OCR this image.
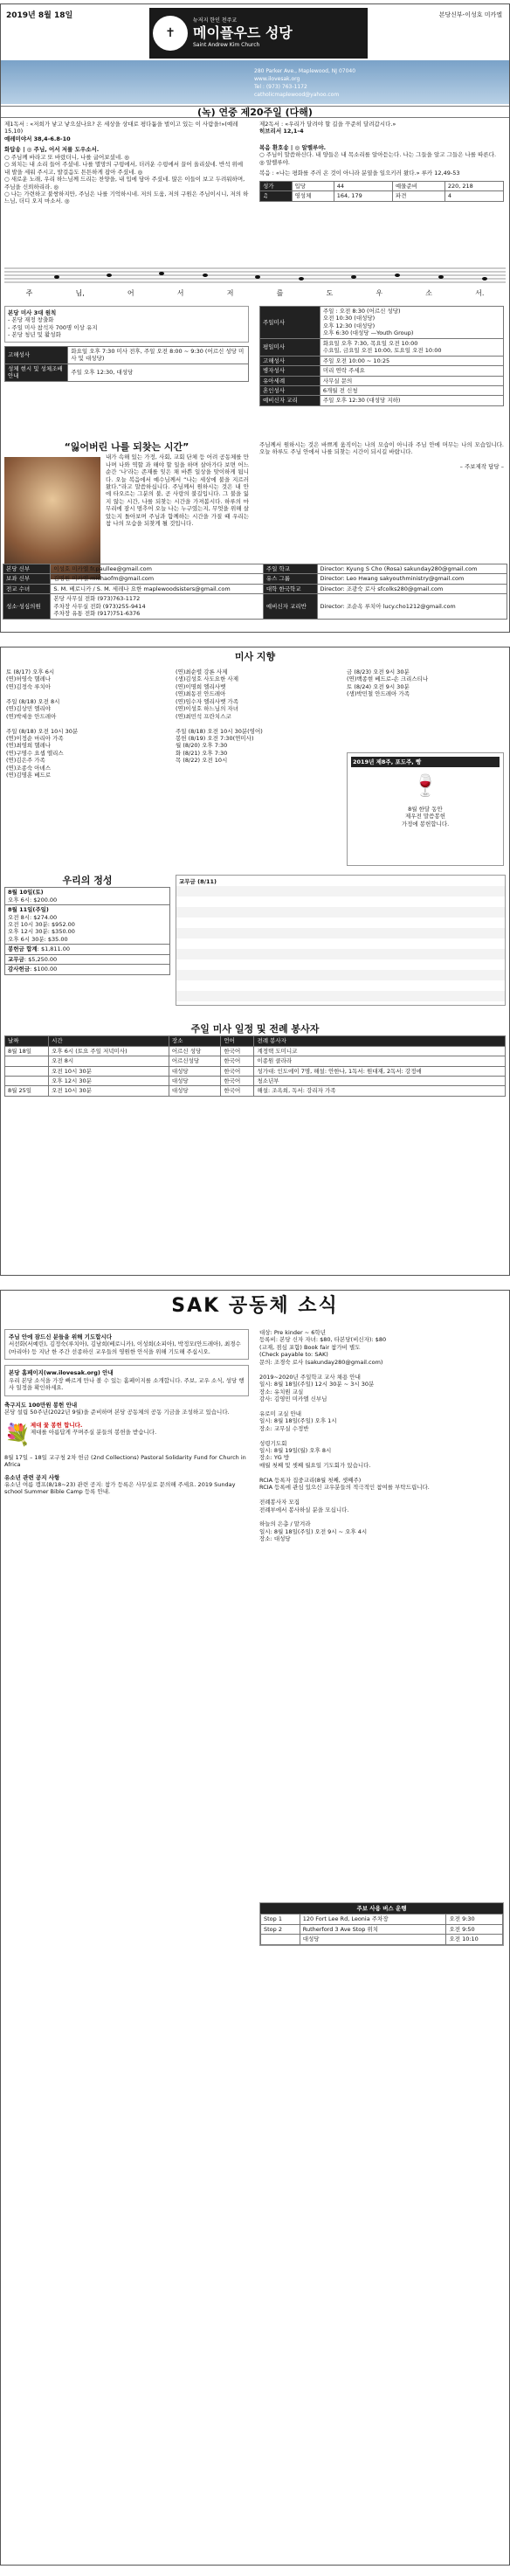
2019년 8월 18일
✝
뉴저지 한인 천주교
메이플우드 성당
Saint Andrew Kim Church
본당신부-이성호 미카엘
280 Parker Ave., Maplewood, NJ 07040
www.ilovesak.org
Tel : (973) 763-1172
catholicmaplewood@yahoo.com
(녹) 연중 제20주일 (다해)
제1독서 : «저희가 낳고 낳으셨나요? 온 세상을 상대로 평다툼을 벌이고 있는 이 사람을!»(예레 15,10)
예레미야서 38,4-6.8-10
화답송 | ◎ 주님, 어서 저를 도우소서.
○ 주님께 바라고 또 바랐더니, 나를 굽어보셨네. ◎
○ 외치는 내 소리 들어 주셨네. 나를 멸망의 구렁에서, 더러운 수렁에서 끌어 올리셨네. 반석 위에 내 발을 세워 주시고, 발걸음도 튼튼하게 잡아 주셨네. ◎
○ 새로운 노래, 우리 하느님께 드리는 찬양을, 내 입에 담아 주셨네. 많은 이들이 보고 두려워하며, 주님을 신뢰하리라. ◎
○ 나는 가련하고 불쌍하지만, 주님은 나를 기억하시네. 저의 도움, 저의 구원은 주님이시니, 저의 하느님, 더디 오지 마소서. ◎
제2독서 : «우리가 달려야 할 길을 꾸준히 달려갑시다.»
히브리서 12,1-4
복음 환호송 | ◎ 알렐루야.
○ 주님이 말씀하신다. 내 양들은 내 목소리를 알아듣는다. 나는 그들을 알고 그들은 나를 따른다.
◎ 알렐루야.
복음 : «나는 평화를 주러 온 것이 아니라 분열을 일으키러 왔다.» 루카 12,49-53
성가	입당	44	예물준비	220, 218
♫	영성체	164, 179	파견	4
주	님,	어	서	저	를	도	우	소	서.
본당 미사 3대 원칙
- 본당 재정 창출화
- 주일 미사 참석자 700명 이상 유지
- 본당 청년 및 활성화
고해성사	화요일 오후 7:30 미사 전후, 주일 오전 8:00 ~ 9:30 (어르신 성당 미사 및 대성당)
성체 현시 및 성체조배 안내	주일 오후 12:30, 대성당
주일미사	주일 : 오전 8:30 (어르신 성당)
오전 10:30 (대성당)
오후 12:30 (대성당)
오후 6:30 (대성당 —Youth Group)
평일미사	화요일 오후 7:30, 목요일 오전 10:00
수요일, 금요일 오전 10:00, 토요일 오전 10:00
고해성사	주일 오전 10:00 ~ 10:25
병자성사	미리 연락 주세요
유아세례	사무실 문의
혼인성사	6개월 전 신청
예비신자 교리	주일 오후 12:30 (대성당 지하)
“잃어버린 나를 되찾는 시간”
내가 속해 있는 가정, 사회, 교회 단체 등 어려 공동체를 만나며 나와 역할 과 해야 할 일을 하며 살아가다 보면 어느 순간 ‘나’라는 존재를 잊은 채 바쁜 일상을 맞이하게 됩니다. 오늘 복음에서 예수님께서 “나는 세상에 불을 지르러 왔다.”라고 말씀하십니다. 주님께서 원하시는 것은 내 안에 타오르는 그분의 불, 곧 사랑의 불길입니다. 그 불을 잃지 않는 시간, 나를 되찾는 시간을 가져봅시다. 하루의 마무리에 잠시 멈추어 오늘 나는 누구였는지, 무엇을 위해 살았는지 돌아보며 주님과 함께하는 시간을 가질 때 우리는 참 나의 모습을 되찾게 될 것입니다.
주님께서 원하시는 것은 바쁘게 움직이는 나의 모습이 아니라 주님 안에 머무는 나의 모습입니다. 오늘 하루도 주님 안에서 나를 되찾는 시간이 되시길 바랍니다.
– 주보제작 담당 –
본당 신부	이성호 미카엘 fr.paullee@gmail.com	주일 학교	Director: Kyung S Cho (Rosa) sakunday280@gmail.com
보좌 신부	김명원 미카엘 michaofm@gmail.com	유스 그룹	Director: Leo Hwang sakyouthministry@gmail.com
전교 수녀	S. M. 베로니카 / S. M. 세레나 요한 maplewoodsisters@gmail.com	대학 한국학교	Director: 조광숙 로사 sfcolks280@gmail.com
성소·성심의원	본당 사무실 전화 (973)763-1172
주차장 사무실 전화 (973)255-9414
주차장 유통 전화 (917)751-6376	예비신자 교리반	Director: 조순옥 루치아 lucy.cho1212@gmail.com
미사 지향
토 (8/17) 오후 6시
(연)허영숙 헬레나
(연)김정숙 루치아

주일 (8/18) 오전 8시
(연)김상민 엘리야
(연)박세웅 안드레아

주일 (8/18) 오전 10시 30분
(연)이정순 마리아 가족
(연)최영희 헬레나
(연)구명수 요셉 엘리스
(연)김은주 가족
(연)조종숙 아녜스
(연)김명훈 베드로
(연)최순렬 강론 사제
(생)김성호 사도요한 사제
(연)이명희 엘리사벳
(연)최동진 안드레아
(연)임수자 엘리사벳 가족
(연)이성호 하느님의 자녀
(연)최민석 프란치스코

주일 (8/18) 오전 10시 30분(영어)
봉헌 (8/19) 오전 7:30(연미사)
월 (8/20) 오후 7:30
화 (8/21) 오후 7:30
목 (8/22) 오전 10시
금 (8/23) 오전 9시 30분
(연)백종현 베드로-손 크리스티나
토 (8/24) 오전 9시 30분
(생)박민철 안드레아 가족
2019년 제8주, 포도주, 빵
🍷
8월 한달 동안
제우전 말씀봉헌
가정에 봉헌합니다.
우리의 정성
8월 10일(토)
오후 6시: $200.00
8월 11일(주일)
오전 8시: $274.00
오전 10시 30분: $952.00
오후 12시 30분: $350.00
오후 6시 30분: $35.00
봉헌금 합계: $1,811.00
교무금: $5,250.00
감사헌금: $100.00
교무금 (8/11)
주일 미사 일정 및 전례 봉사자
날짜	시간	장소	언어	전례 봉사자
8월 18일	오후 6시 (토요 주일 저녁미사)	어르신 성당	한국어	계정택 도미니코
	오전 8시	어르신성당	한국어	이종원 클라라
	오전 10시 30분	대성당	한국어	성가대: 인도에이 7명, 해설: 안한나, 1독서: 원대재, 2독서: 강정애
	오후 12시 30분	대성당	한국어	청소년부
8월 25일	오전 10시 30분	대성당	한국어	해설: 조옥희, 독서: 강리자 가족
SAK 공동체 소식
주님 안에 잠드신 분들을 위해 기도합시다
서선화(서예린), 김정숙(루치아), 김남희(베로니카), 이성희(소피아), 박정모(안드레아), 최경수(마리아) 등 지난 한 주간 선종하신 교우들의 영원한 안식을 위해 기도해 주십시오.
본당 홈페이지(ww.ilovesak.org) 안내
우리 본당 소식을 가장 빠르게 만나 볼 수 있는 홈페이지를 소개합니다. 주보, 교우 소식, 성당 행사 일정을 확인하세요.
축구지도 100만원 봉헌 안내
본당 설립 50주년(2022년 9월)을 준비하며 본당 공동체의 공동 기금을 조성하고 있습니다.
💐 제대 꽃 봉헌 합니다.
제대를 아름답게 꾸며주실 분들의 봉헌을 받습니다.
8월 17일 – 18일 교구청 2차 헌금 (2nd Collections) Pastoral Solidarity Fund for Church in Africa
유소년 관련 공지 사항
유소년 여름 캠프(8/18~23) 관련 공지: 참가 등록은 사무실로 문의해 주세요. 2019 Sunday school Summer Bible Camp 등록 안내.
대상: Pre kinder ~ 6학년
등록비: 본당 신자 자녀: $80, 타본당(비신자): $80
(교재, 점심 포함) Book fair 참가비 별도
(Check payable to: SAK)
문의: 조경숙 로사 (sakunday280@gmail.com)

2019~2020년 주일학교 교사 채용 안내
일시: 8월 18일(주일) 12시 30분 ~ 3시 30분
장소: 유치원 교실
감사: 김영민 미카엘 신부님

유로미 교실 안내
일시: 8월 18일(주일) 오후 1시
장소: 교무실 수정반

성령기도회
일시: 8월 19일(월) 오후 8시
장소: YG 방
매월 첫째 및 셋째 월요일 기도회가 있습니다.

RCIA 등록자 집중교리(8월 첫째, 셋째주)
RCIA 등록에 관심 있으신 교우분들의 적극적인 참여를 부탁드립니다.

전례봉사자 모집
전례부에서 봉사하실 분을 모십니다.

하늘의 은총 / 맡겨라
일시: 8월 18일(주일) 오전 9시 ~ 오후 4시
장소: 대성당

주보 사용 버스 운행
Stop 1	120 Fort Lee Rd, Leonia 주차장	오전 9:30
Stop 2	Rutherford 3 Ave Stop 위치	오전 9:50
	대성당	오전 10:10
